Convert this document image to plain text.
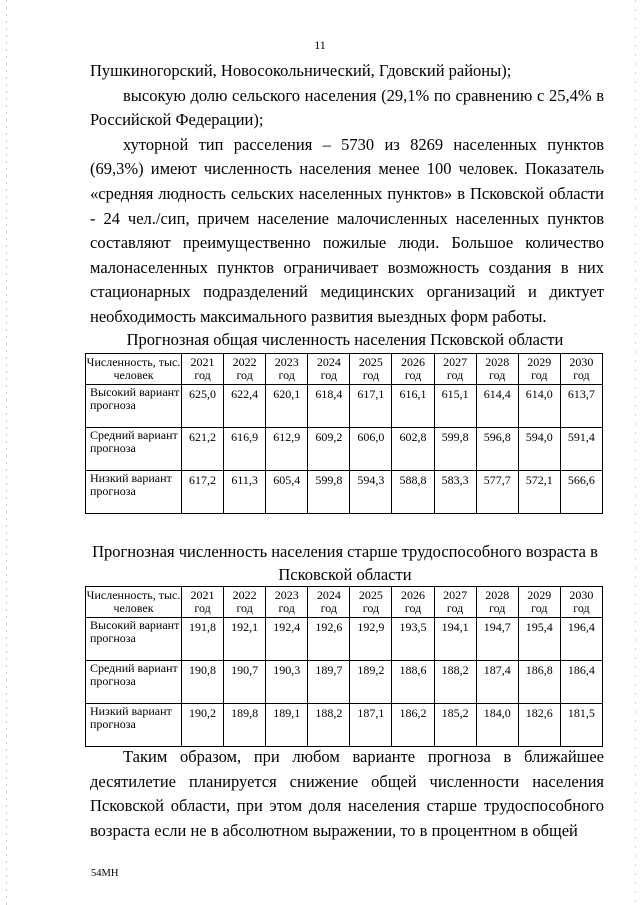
11

Пушкиногорский, Новосокольнический, Гдовский районы);

высокую долю сельского населения (29,1% по сравнению с 25,4% в Российской Федерации);

хуторной тип расселения – 5730 из 8269 населенных пунктов (69,3%) имеют численность населения менее 100 человек. Показатель «средняя людность сельских населенных пунктов» в Псковской области - 24 чел./сип, причем население малочисленных населенных пунктов составляют преимущественно пожилые люди. Большое количество малонаселенных пунктов ограничивает возможность создания в них стационарных подразделений медицинских организаций и диктует необходимость максимального развития выездных форм работы.

Прогнозная общая численность населения Псковской области
Численность, тыс. человек	2021 год	2022 год	2023 год	2024 год	2025 год	2026 год	2027 год	2028 год	2029 год	2030 год
Высокий вариант прогноза	625,0	622,4	620,1	618,4	617,1	616,1	615,1	614,4	614,0	613,7
Средний вариант прогноза	621,2	616,9	612,9	609,2	606,0	602,8	599,8	596,8	594,0	591,4
Низкий вариант прогноза	617,2	611,3	605,4	599,8	594,3	588,8	583,3	577,7	572,1	566,6
Прогнозная численность населения старше трудоспособного возраста в
Псковской области
Численность, тыс. человек	2021 год	2022 год	2023 год	2024 год	2025 год	2026 год	2027 год	2028 год	2029 год	2030 год
Высокий вариант прогноза	191,8	192,1	192,4	192,6	192,9	193,5	194,1	194,7	195,4	196,4
Средний вариант прогноза	190,8	190,7	190,3	189,7	189,2	188,6	188,2	187,4	186,8	186,4
Низкий вариант прогноза	190,2	189,8	189,1	188,2	187,1	186,2	185,2	184,0	182,6	181,5

Таким образом, при любом варианте прогноза в ближайшее десятилетие планируется снижение общей численности населения Псковской области, при этом доля населения старше трудоспособного возраста если не в абсолютном выражении, то в процентном в общей

54МН
